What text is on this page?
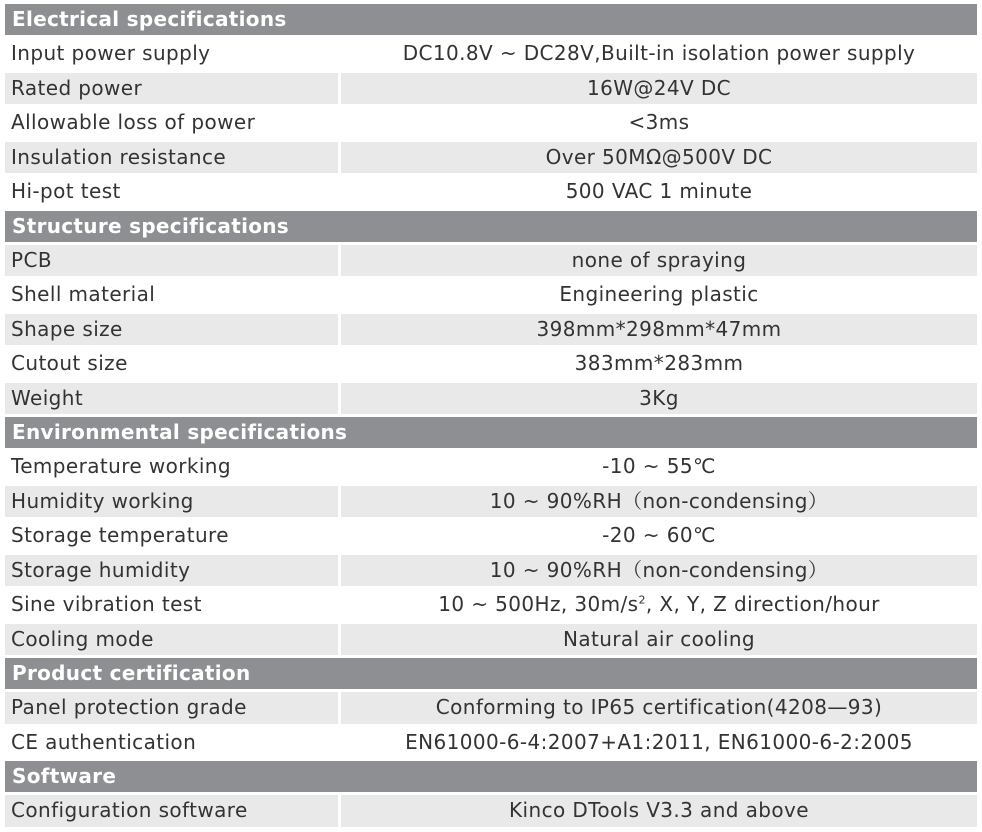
Electrical specifications
Input power supply	DC10.8V ~ DC28V,Built-in isolation power supply
Rated power	16W@24V DC
Allowable loss of power	<3ms
Insulation resistance	Over 50MΩ@500V DC
Hi-pot test	500 VAC 1 minute
Structure specifications
PCB	none of spraying
Shell material	Engineering plastic
Shape size	398mm*298mm*47mm
Cutout size	383mm*283mm
Weight	3Kg
Environmental specifications
Temperature working	-10 ~ 55℃
Humidity working	10 ~ 90%RH（non-condensing）
Storage temperature	-20 ~ 60℃
Storage humidity	10 ~ 90%RH（non-condensing）
Sine vibration test	10 ~ 500Hz, $30m/s^2$, X, Y, Z direction/hour
Cooling mode	Natural air cooling
Product certification
Panel protection grade	Conforming to IP65 certification(4208—93)
CE authentication	EN61000-6-4:2007+A1:2011, EN61000-6-2:2005
Software
Configuration software	Kinco DTools V3.3 and above
